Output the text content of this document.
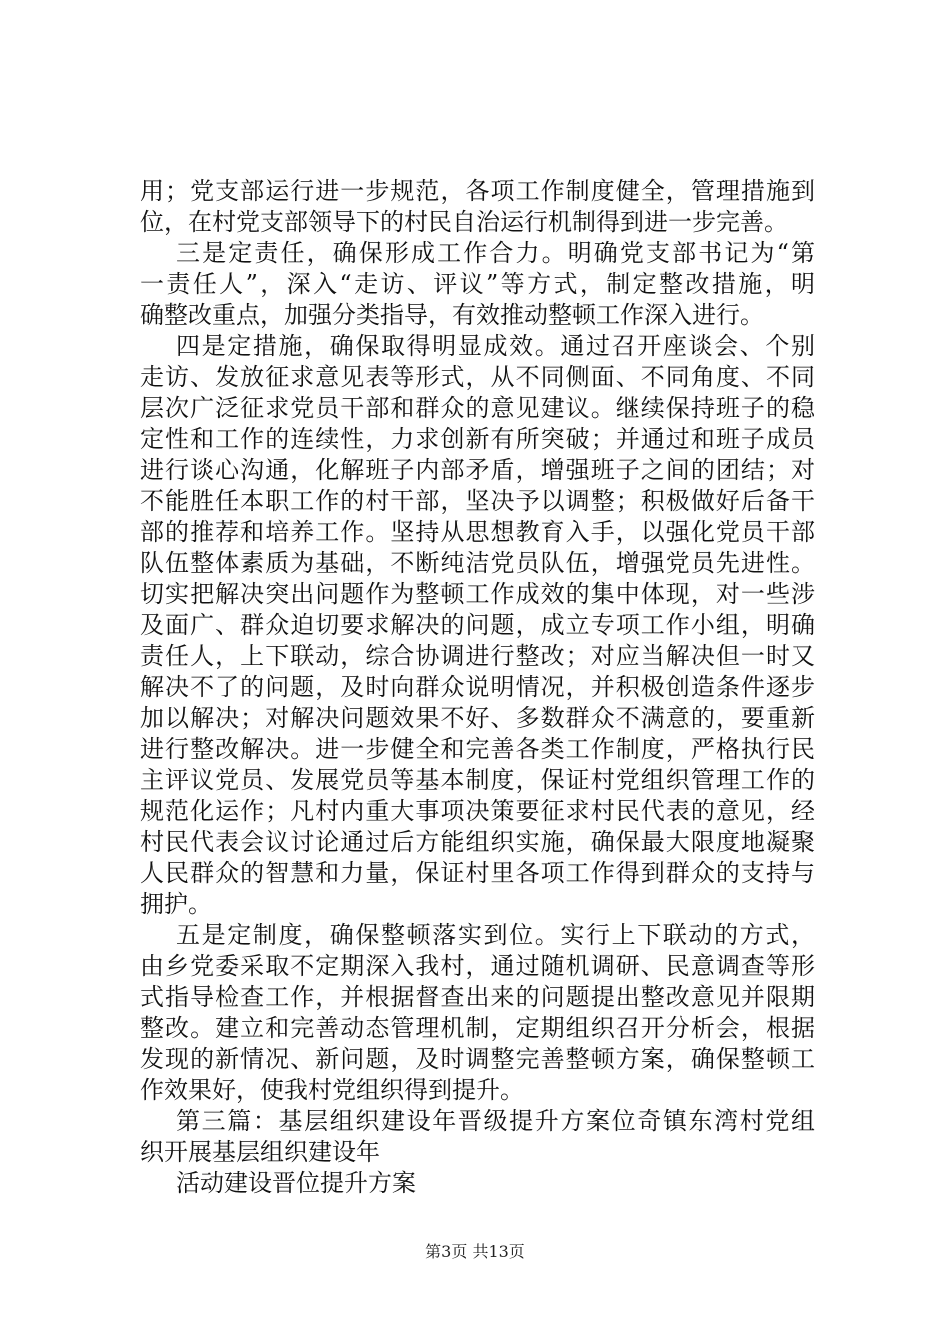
用；党支部运行进一步规范，各项工作制度健全，管理措施到
位，在村党支部领导下的村民自治运行机制得到进一步完善。
三是定责任，确保形成工作合力。明确党支部书记为“第
一责任人”，深入“走访、评议”等方式，制定整改措施，明
确整改重点，加强分类指导，有效推动整顿工作深入进行。
四是定措施，确保取得明显成效。通过召开座谈会、个别
走访、发放征求意见表等形式，从不同侧面、不同角度、不同
层次广泛征求党员干部和群众的意见建议。继续保持班子的稳
定性和工作的连续性，力求创新有所突破；并通过和班子成员
进行谈心沟通，化解班子内部矛盾，增强班子之间的团结；对
不能胜任本职工作的村干部，坚决予以调整；积极做好后备干
部的推荐和培养工作。坚持从思想教育入手，以强化党员干部
队伍整体素质为基础，不断纯洁党员队伍，增强党员先进性。
切实把解决突出问题作为整顿工作成效的集中体现，对一些涉
及面广、群众迫切要求解决的问题，成立专项工作小组，明确
责任人，上下联动，综合协调进行整改；对应当解决但一时又
解决不了的问题，及时向群众说明情况，并积极创造条件逐步
加以解决；对解决问题效果不好、多数群众不满意的，要重新
进行整改解决。进一步健全和完善各类工作制度，严格执行民
主评议党员、发展党员等基本制度，保证村党组织管理工作的
规范化运作；凡村内重大事项决策要征求村民代表的意见，经
村民代表会议讨论通过后方能组织实施，确保最大限度地凝聚
人民群众的智慧和力量，保证村里各项工作得到群众的支持与
拥护。
五是定制度，确保整顿落实到位。实行上下联动的方式，
由乡党委采取不定期深入我村，通过随机调研、民意调查等形
式指导检查工作，并根据督查出来的问题提出整改意见并限期
整改。建立和完善动态管理机制，定期组织召开分析会，根据
发现的新情况、新问题，及时调整完善整顿方案，确保整顿工
作效果好，使我村党组织得到提升。
第三篇：基层组织建设年晋级提升方案位奇镇东湾村党组
织开展基层组织建设年
活动建设晋位提升方案
第3页 共13页
